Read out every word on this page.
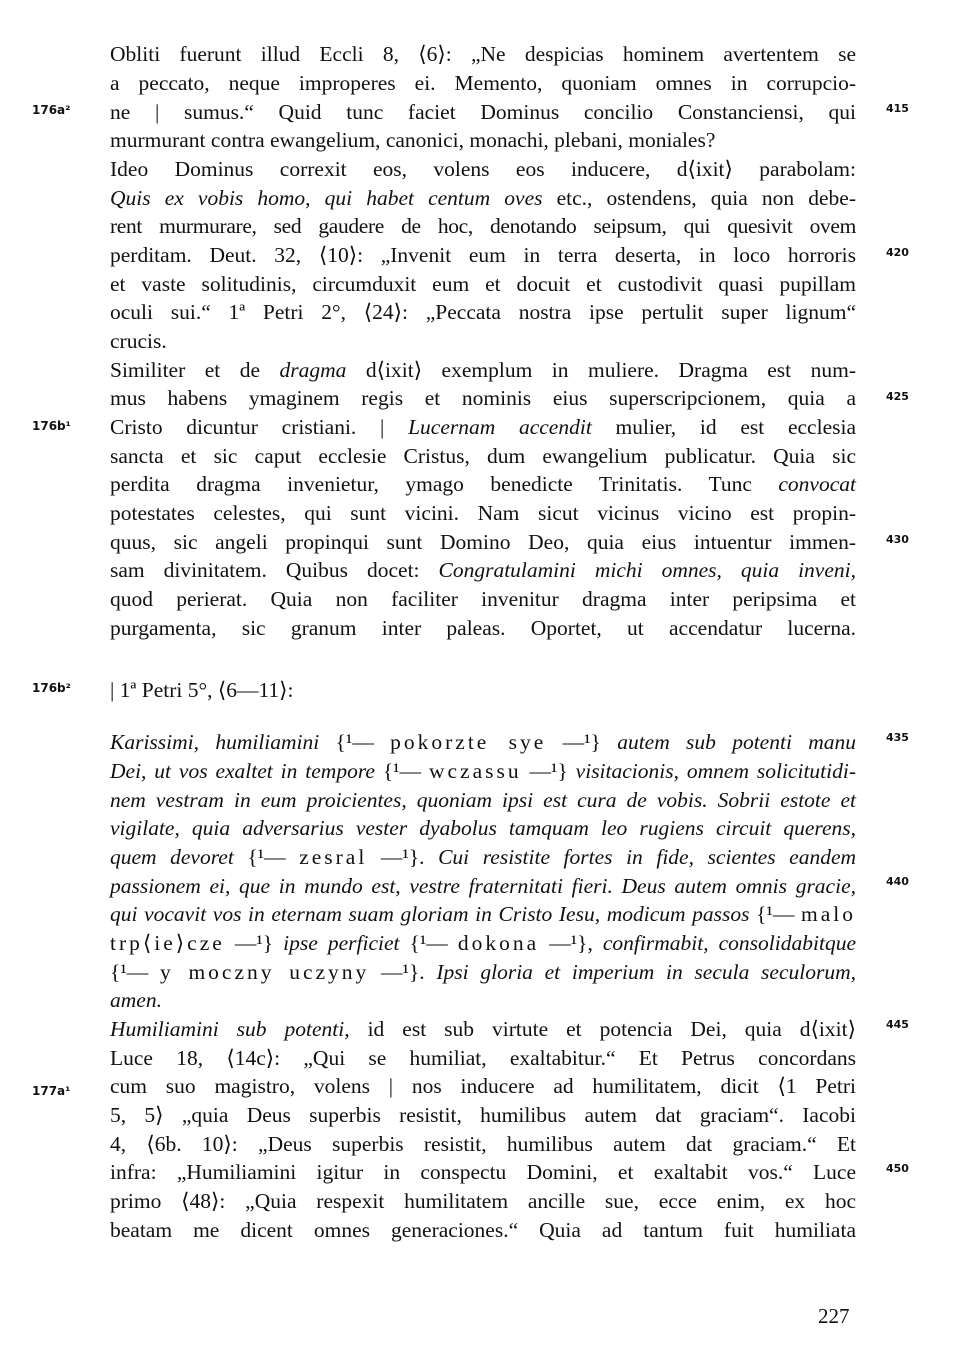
176a²
176b¹
176b²
177a¹
415
420
425
430
435
440
445
450
Obliti fuerunt illud Eccli 8, ⟨6⟩: „Ne despicias hominem avertentem se
a peccato, neque improperes ei. Memento, quoniam omnes in corrupcio-
ne | sumus.“ Quid tunc faciet Dominus concilio Constanciensi, qui
murmurant contra ewangelium, canonici, monachi, plebani, moniales?
Ideo Dominus correxit eos, volens eos inducere, d⟨ixit⟩ parabolam:
Quis ex vobis homo, qui habet centum oves etc., ostendens, quia non debe-
rent murmurare, sed gaudere de hoc, denotando seipsum, qui quesivit ovem
perditam. Deut. 32, ⟨10⟩: „Invenit eum in terra deserta, in loco horroris
et vaste solitudinis, circumduxit eum et docuit et custodivit quasi pupillam
oculi sui.“ 1ª Petri 2°, ⟨24⟩: „Peccata nostra ipse pertulit super lignum“
crucis.
Similiter et de dragma d⟨ixit⟩ exemplum in muliere. Dragma est num-
mus habens ymaginem regis et nominis eius superscripcionem, quia a
Cristo dicuntur cristiani. | Lucernam accendit mulier, id est ecclesia
sancta et sic caput ecclesie Cristus, dum ewangelium publicatur. Quia sic
perdita dragma invenietur, ymago benedicte Trinitatis. Tunc convocat
potestates celestes, qui sunt vicini. Nam sicut vicinus vicino est propin-
quus, sic angeli propinqui sunt Domino Deo, quia eius intuentur immen-
sam divinitatem. Quibus docet: Congratulamini michi omnes, quia inveni,
quod perierat. Quia non faciliter invenitur dragma inter peripsima et
purgamenta, sic granum inter paleas. Oportet, ut accendatur lucerna.
| 1ª Petri 5°, ⟨6—11⟩:
Karissimi, humiliamini {¹— pokorzte sye —¹} autem sub potenti manu
Dei, ut vos exaltet in tempore {¹— wczassu —¹} visitacionis, omnem solicitutidi-
nem vestram in eum proicientes, quoniam ipsi est cura de vobis. Sobrii estote et
vigilate, quia adversarius vester dyabolus tamquam leo rugiens circuit querens,
quem devoret {¹— zesral —¹}. Cui resistite fortes in fide, scientes eandem
passionem ei, que in mundo est, vestre fraternitati fieri. Deus autem omnis gracie,
qui vocavit vos in eternam suam gloriam in Cristo Iesu, modicum passos {¹— malo
trp⟨ie⟩cze —¹} ipse perficiet {¹— dokona —¹}, confirmabit, consolidabitque
{¹— y moczny uczyny —¹}. Ipsi gloria et imperium in secula seculorum,
amen.
Humiliamini sub potenti, id est sub virtute et potencia Dei, quia d⟨ixit⟩
Luce 18, ⟨14c⟩: „Qui se humiliat, exaltabitur.“ Et Petrus concordans
cum suo magistro, volens | nos inducere ad humilitatem, dicit ⟨1 Petri
5, 5⟩ „quia Deus superbis resistit, humilibus autem dat graciam“. Iacobi
4, ⟨6b. 10⟩: „Deus superbis resistit, humilibus autem dat graciam.“ Et
infra: „Humiliamini igitur in conspectu Domini, et exaltabit vos.“ Luce
primo ⟨48⟩: „Quia respexit humilitatem ancille sue, ecce enim, ex hoc
beatam me dicent omnes generaciones.“ Quia ad tantum fuit humiliata
227
